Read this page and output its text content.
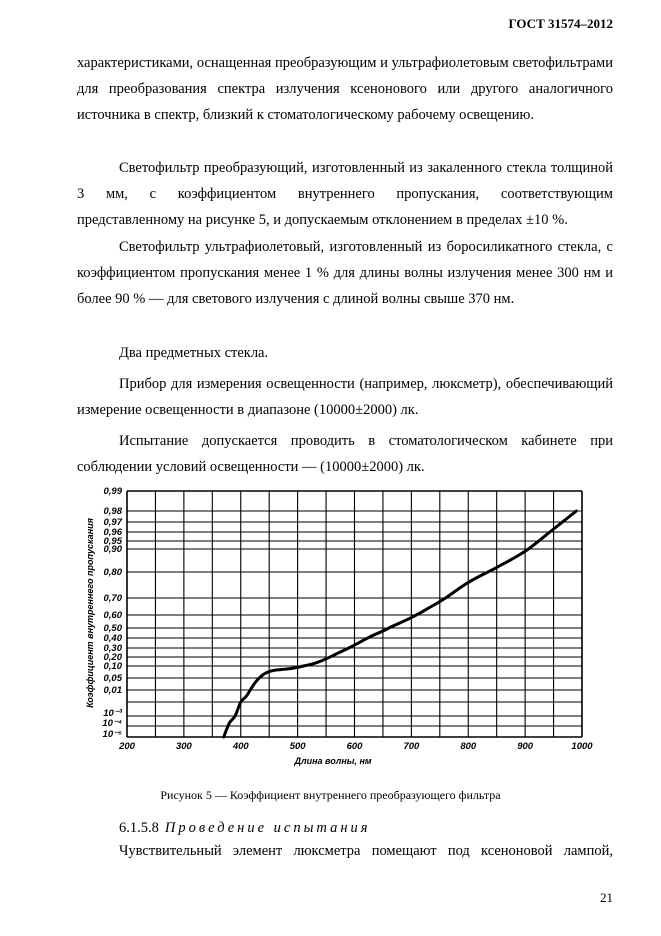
ГОСТ 31574–2012

характеристиками, оснащенная преобразующим и ультрафиолетовым светофильтрами для преобразования спектра излучения ксенонового или другого аналогичного источника в спектр, близкий к стоматологическому рабочему освещению.

Светофильтр преобразующий, изготовленный из закаленного стекла толщиной 3 мм, с коэффициентом внутреннего пропускания, соответствующим представленному на рисунке 5, и допускаемым отклонением в пределах ±10 %.

Светофильтр ультрафиолетовый, изготовленный из боросиликатного стекла, с коэффициентом пропускания менее 1 % для длины волны излучения менее 300 нм и более 90 % — для светового излучения с длиной волны свыше 370 нм.

Два предметных стекла.

Прибор для измерения освещенности (например, люксметр), обеспечивающий измерение освещенности в диапазоне (10000±2000) лк.

Испытание допускается проводить в стоматологическом кабинете при соблюдении условий освещенности — (10000±2000) лк.

0,99
0,98
0,97
0,96
0,95
0,90
0,80
0,70
0,60
0,50
0,40
0,30
0,20
0,10
0,05
0,01
10⁻³
10⁻⁴
10⁻⁵
200	300	400	500	600	700	800	900	1000
Длина волны, нм
Коэффициент внутреннего пропускания
Рисунок 5 — Коэффициент внутреннего преобразующего фильтра
6.1.5.8 Проведение испытания
Чувствительный элемент люксметра помещают под ксеноновой лампой,
21
